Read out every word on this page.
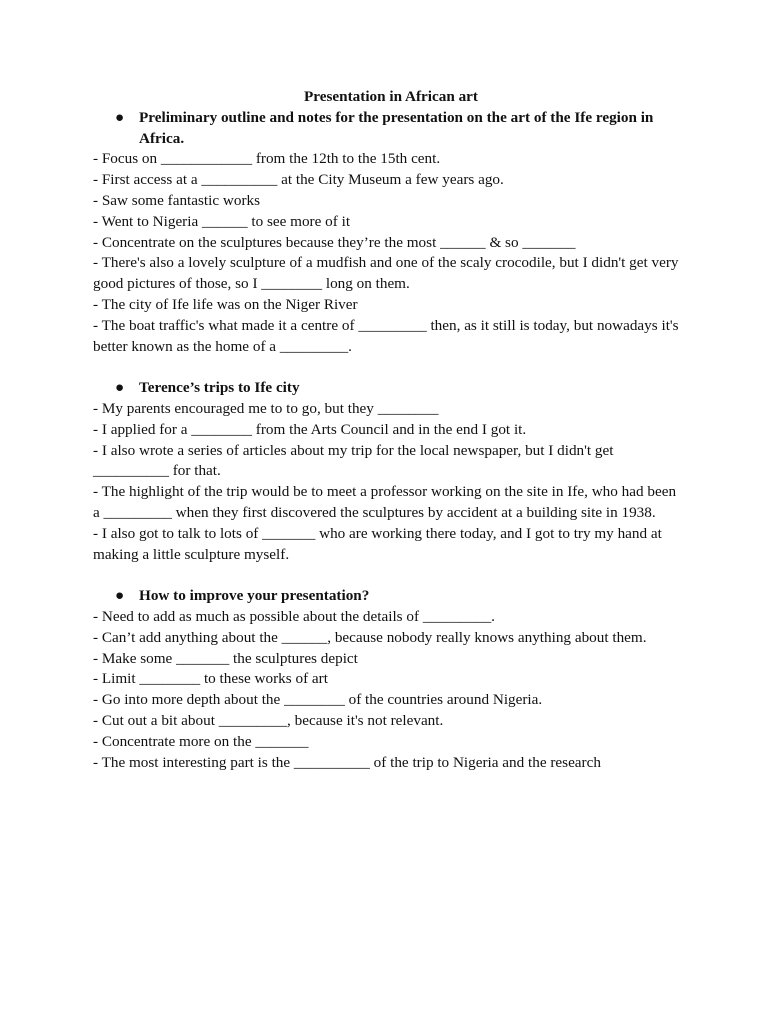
Presentation in African art
● Preliminary outline and notes for the presentation on the art of the Ife region in Africa.

- Focus on ____________ from the 12th to the 15th cent.

- First access at a __________ at the City Museum a few years ago.

- Saw some fantastic works

- Went to Nigeria ______ to see more of it

- Concentrate on the sculptures because they’re the most ______ & so _______

- There's also a lovely sculpture of a mudfish and one of the scaly crocodile, but I didn't get very good pictures of those, so I ________ long on them.

- The city of Ife life was on the Niger River

- The boat traffic's what made it a centre of _________ then, as it still is today, but nowadays it's better known as the home of a _________.

● Terence’s trips to Ife city

- My parents encouraged me to to go, but they ________

- I applied for a ________ from the Arts Council and in the end I got it.

- I also wrote a series of articles about my trip for the local newspaper, but I didn't get __________ for that.

- The highlight of the trip would be to meet a professor working on the site in Ife, who had been a _________ when they first discovered the sculptures by accident at a building site in 1938.

- I also got to talk to lots of _______ who are working there today, and I got to try my hand at making a little sculpture myself.

● How to improve your presentation?

- Need to add as much as possible about the details of _________.

- Can’t add anything about the ______, because nobody really knows anything about them.

- Make some _______ the sculptures depict

- Limit ________ to these works of art

- Go into more depth about the ________ of the countries around Nigeria.

- Cut out a bit about _________, because it's not relevant.

- Concentrate more on the _______

- The most interesting part is the __________ of the trip to Nigeria and the research
